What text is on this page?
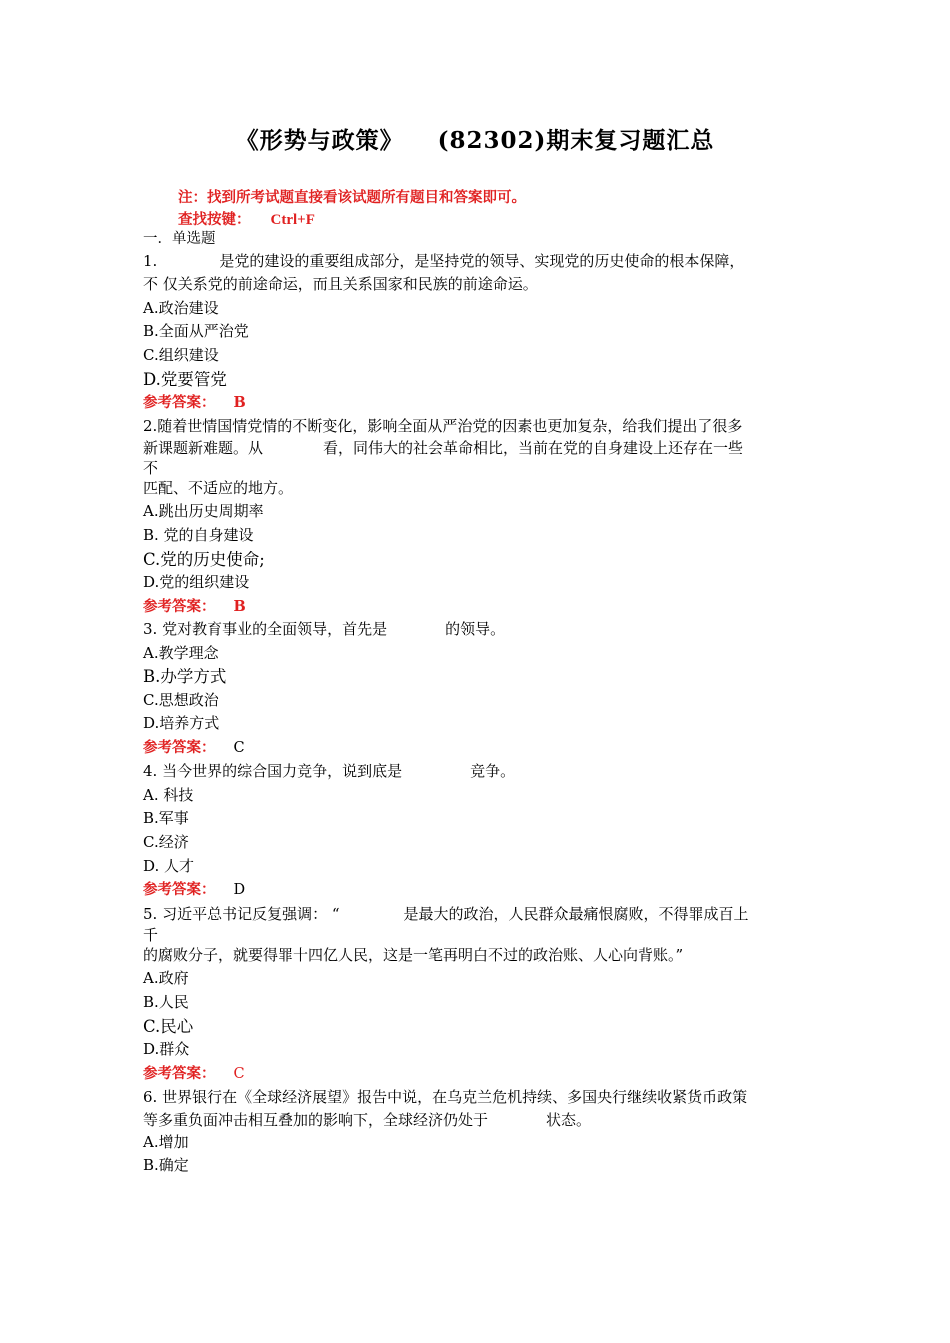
《形势与政策》 (82302)期末复习题汇总
注：找到所考试题直接看该试题所有题目和答案即可。
查找按键： Ctrl+F
一．单选题
1.	是党的建设的重要组成部分，是坚持党的领导、实现党的历史使命的根本保障，
不 仅关系党的前途命运，而且关系国家和民族的前途命运。
A.政治建设
B.全面从严治党
C.组织建设
D.党要管党
参考答案： B
2.随着世情国情党情的不断变化，影响全面从严治党的因素也更加复杂，给我们提出了很多
新课题新难题。从	看，同伟大的社会革命相比，当前在党的自身建设上还存在一些
不
匹配、不适应的地方。
A.跳出历史周期率
B. 党的自身建设
C.党的历史使命;
D.党的组织建设
参考答案： B
3. 党对教育事业的全面领导，首先是	的领导。
A.教学理念
B.办学方式
C.思想政治
D.培养方式
参考答案： C
4. 当今世界的综合国力竞争，说到底是	竞争。
A. 科技
B.军事
C.经济
D. 人才
参考答案： D
5. 习近平总书记反复强调： “	是最大的政治，人民群众最痛恨腐败，不得罪成百上
千
的腐败分子，就要得罪十四亿人民，这是一笔再明白不过的政治账、人心向背账。”
A.政府
B.人民
C.民心
D.群众
参考答案： C
6. 世界银行在《全球经济展望》报告中说，在乌克兰危机持续、多国央行继续收紧货币政策
等多重负面冲击相互叠加的影响下，全球经济仍处于	状态。
A.增加
B.确定
